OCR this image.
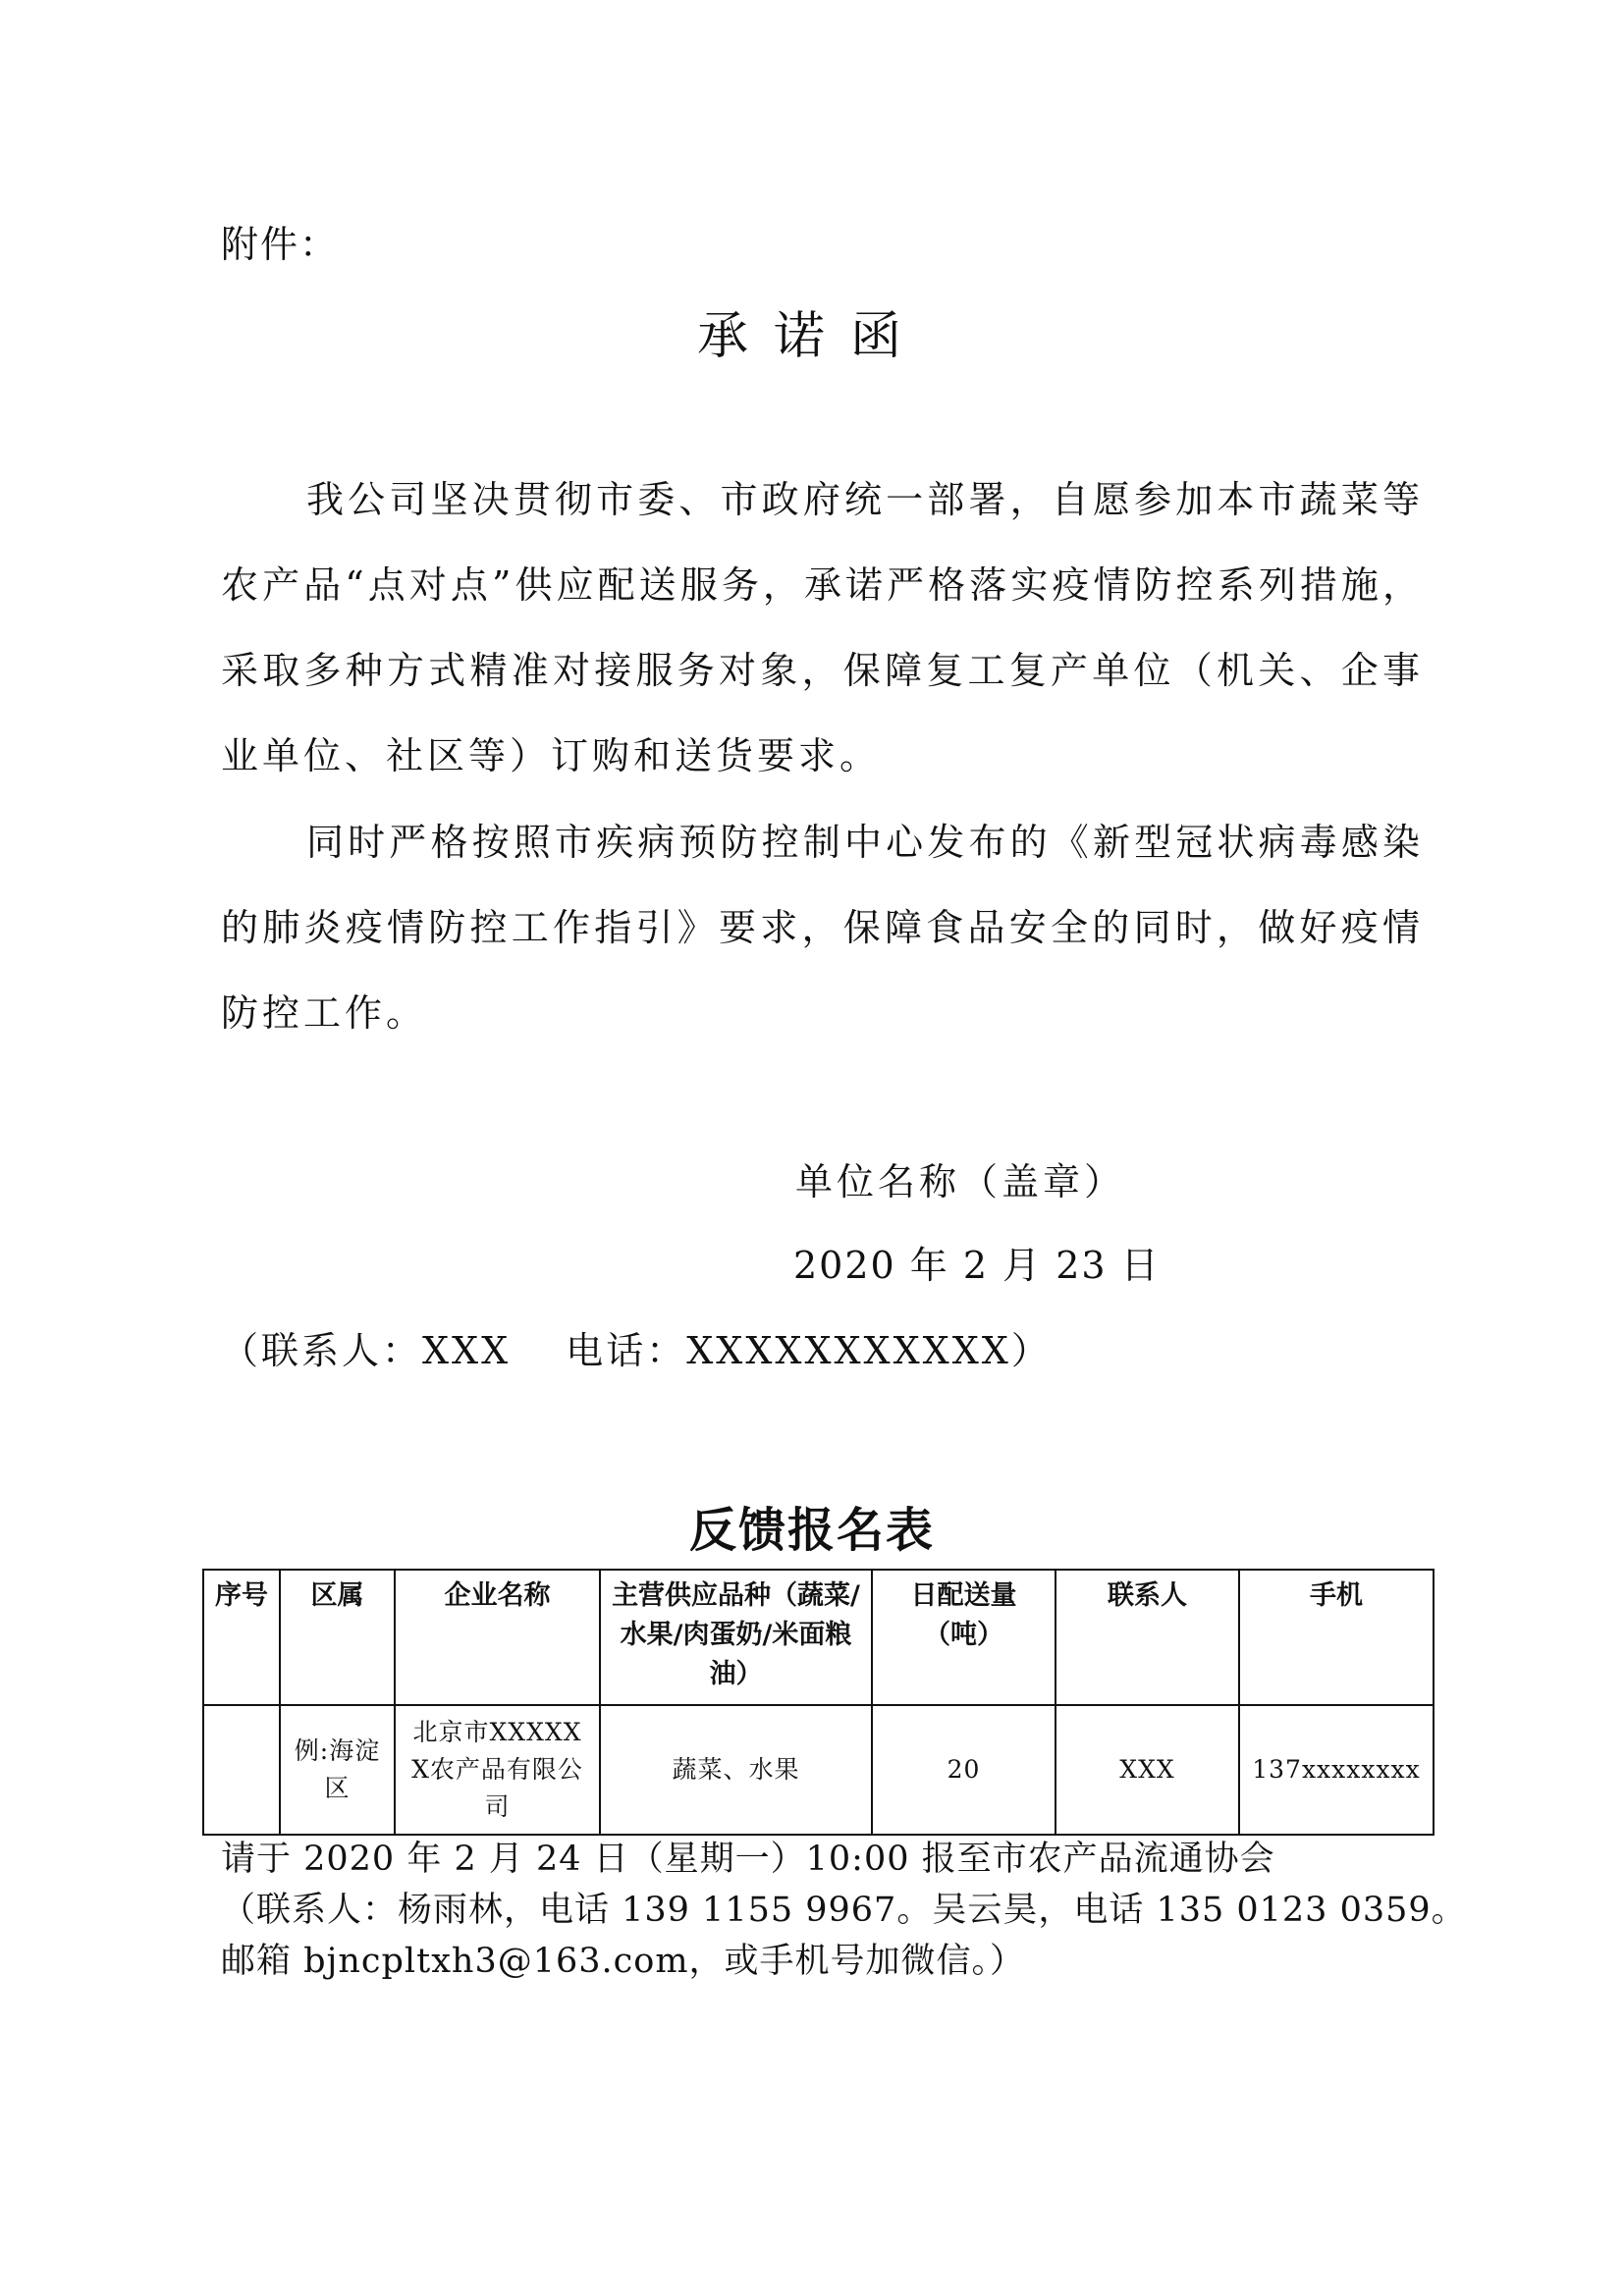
附件：
承诺函

我公司坚决贯彻市委、市政府统一部署，自愿参加本市蔬菜等农产品“点对点”供应配送服务，承诺严格落实疫情防控系列措施，采取多种方式精准对接服务对象，保障复工复产单位（机关、企事业单位、社区等）订购和送货要求。

同时严格按照市疾病预防控制中心发布的《新型冠状病毒感染的肺炎疫情防控工作指引》要求，保障食品安全的同时，做好疫情防控工作。

单位名称（盖章）
2020 年 2 月 23 日
（联系人：XXX　 电话：XXXXXXXXXXX）
反馈报名表
序号	区属	企业名称	主营供应品种（蔬菜/水果/肉蛋奶/米面粮油）	日配送量（吨）	联系人	手机
	例:海淀区	北京市XXXXXX农产品有限公司	蔬菜、水果	20	XXX	137xxxxxxxx
请于 2020 年 2 月 24 日（星期一）10:00 报至市农产品流通协会
（联系人：杨雨林，电话 139 1155 9967。吴云昊，电话 135 0123 0359。
邮箱 bjncpltxh3@163.com，或手机号加微信。）
